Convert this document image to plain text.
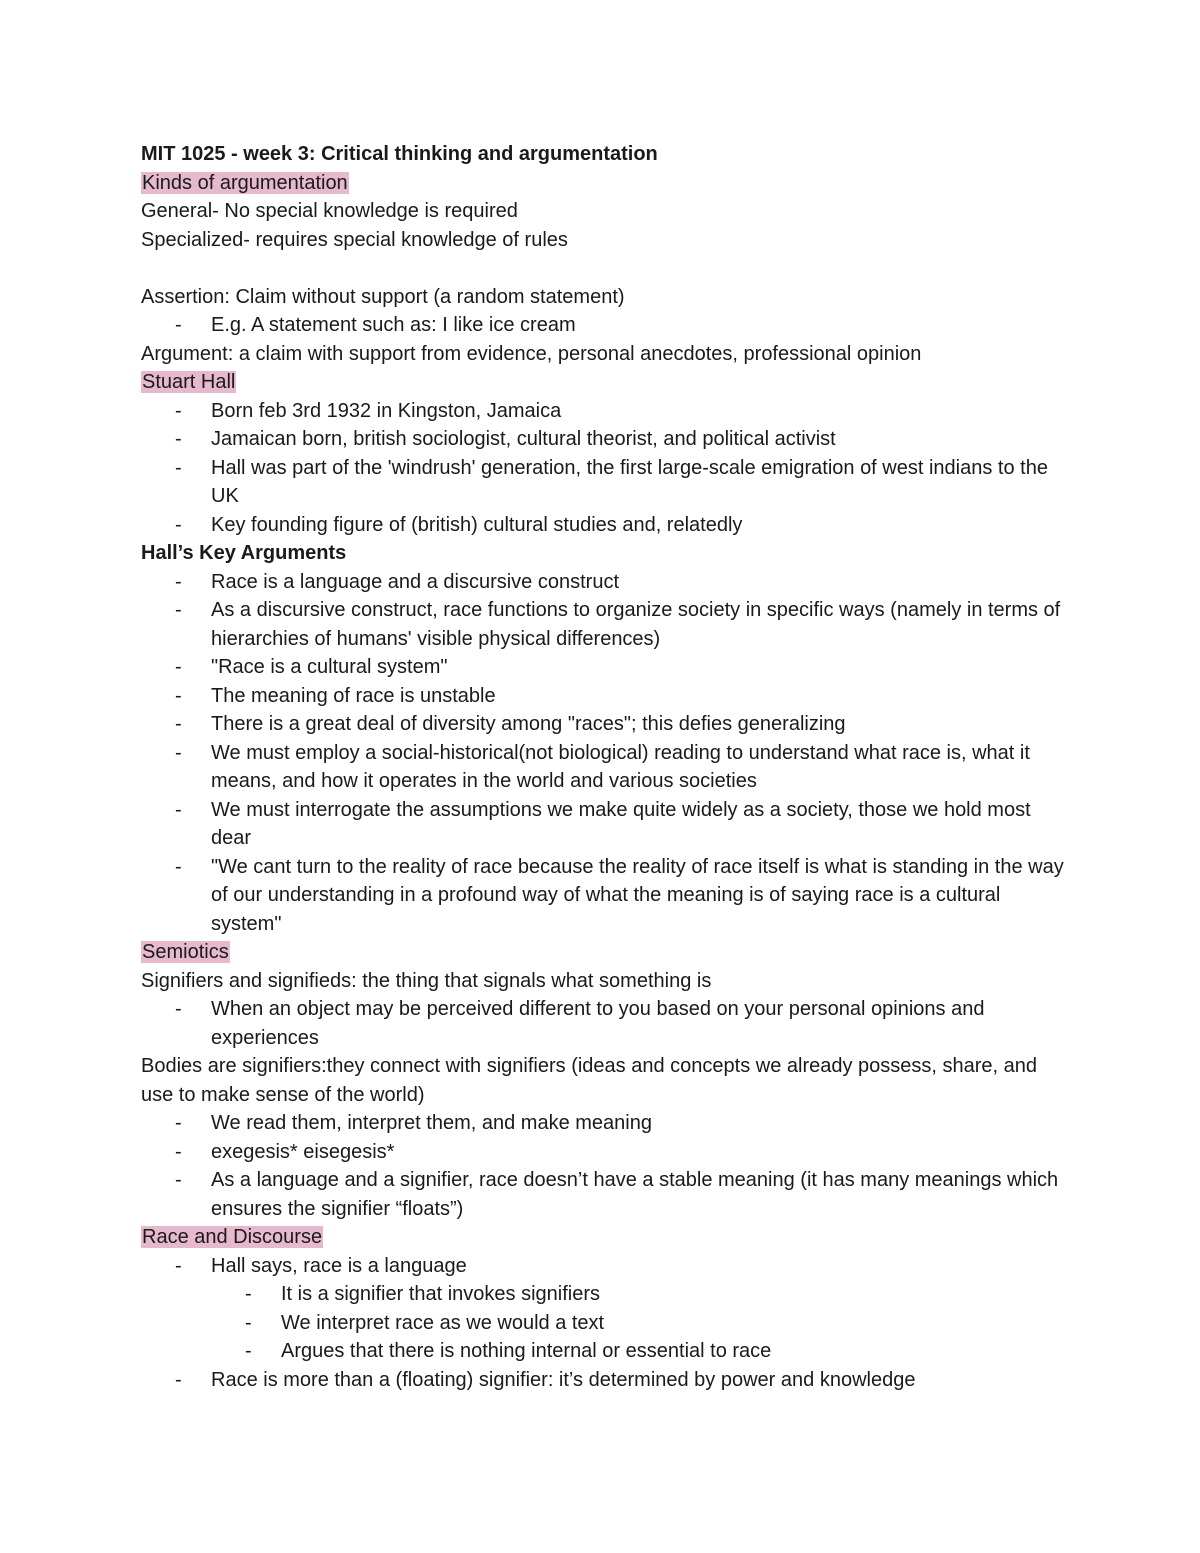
MIT 1025 - week 3: Critical thinking and argumentation
Kinds of argumentation
General- No special knowledge is required
Specialized- requires special knowledge of rules
Assertion: Claim without support (a random statement)
-	E.g. A statement such as: I like ice cream
Argument: a claim with support from evidence, personal anecdotes, professional opinion
Stuart Hall
-	Born feb 3rd 1932 in Kingston, Jamaica
-	Jamaican born, british sociologist, cultural theorist, and political activist
-	Hall was part of the 'windrush' generation, the first large-scale emigration of west indians to the UK
-	Key founding figure of (british) cultural studies and, relatedly
Hall’s Key Arguments
-	Race is a language and a discursive construct
-	As a discursive construct, race functions to organize society in specific ways (namely in terms of hierarchies of humans' visible physical differences)
-	"Race is a cultural system"
-	The meaning of race is unstable
-	There is a great deal of diversity among "races"; this defies generalizing
-	We must employ a social-historical(not biological) reading to understand what race is, what it means, and how it operates in the world and various societies
-	We must interrogate the assumptions we make quite widely as a society, those we hold most dear
-	"We cant turn to the reality of race because the reality of race itself is what is standing in the way of our understanding in a profound way of what the meaning is of saying race is a cultural system"
Semiotics
Signifiers and signifieds: the thing that signals what something is
-	When an object may be perceived different to you based on your personal opinions and experiences
Bodies are signifiers:they connect with signifiers (ideas and concepts we already possess, share, and use to make sense of the world)
-	We read them, interpret them, and make meaning
-	exegesis* eisegesis*
-	As a language and a signifier, race doesn’t have a stable meaning (it has many meanings which ensures the signifier “floats”)
Race and Discourse
-	Hall says, race is a language
-	It is a signifier that invokes signifiers
-	We interpret race as we would a text
-	Argues that there is nothing internal or essential to race
-	Race is more than a (floating) signifier: it’s determined by power and knowledge
